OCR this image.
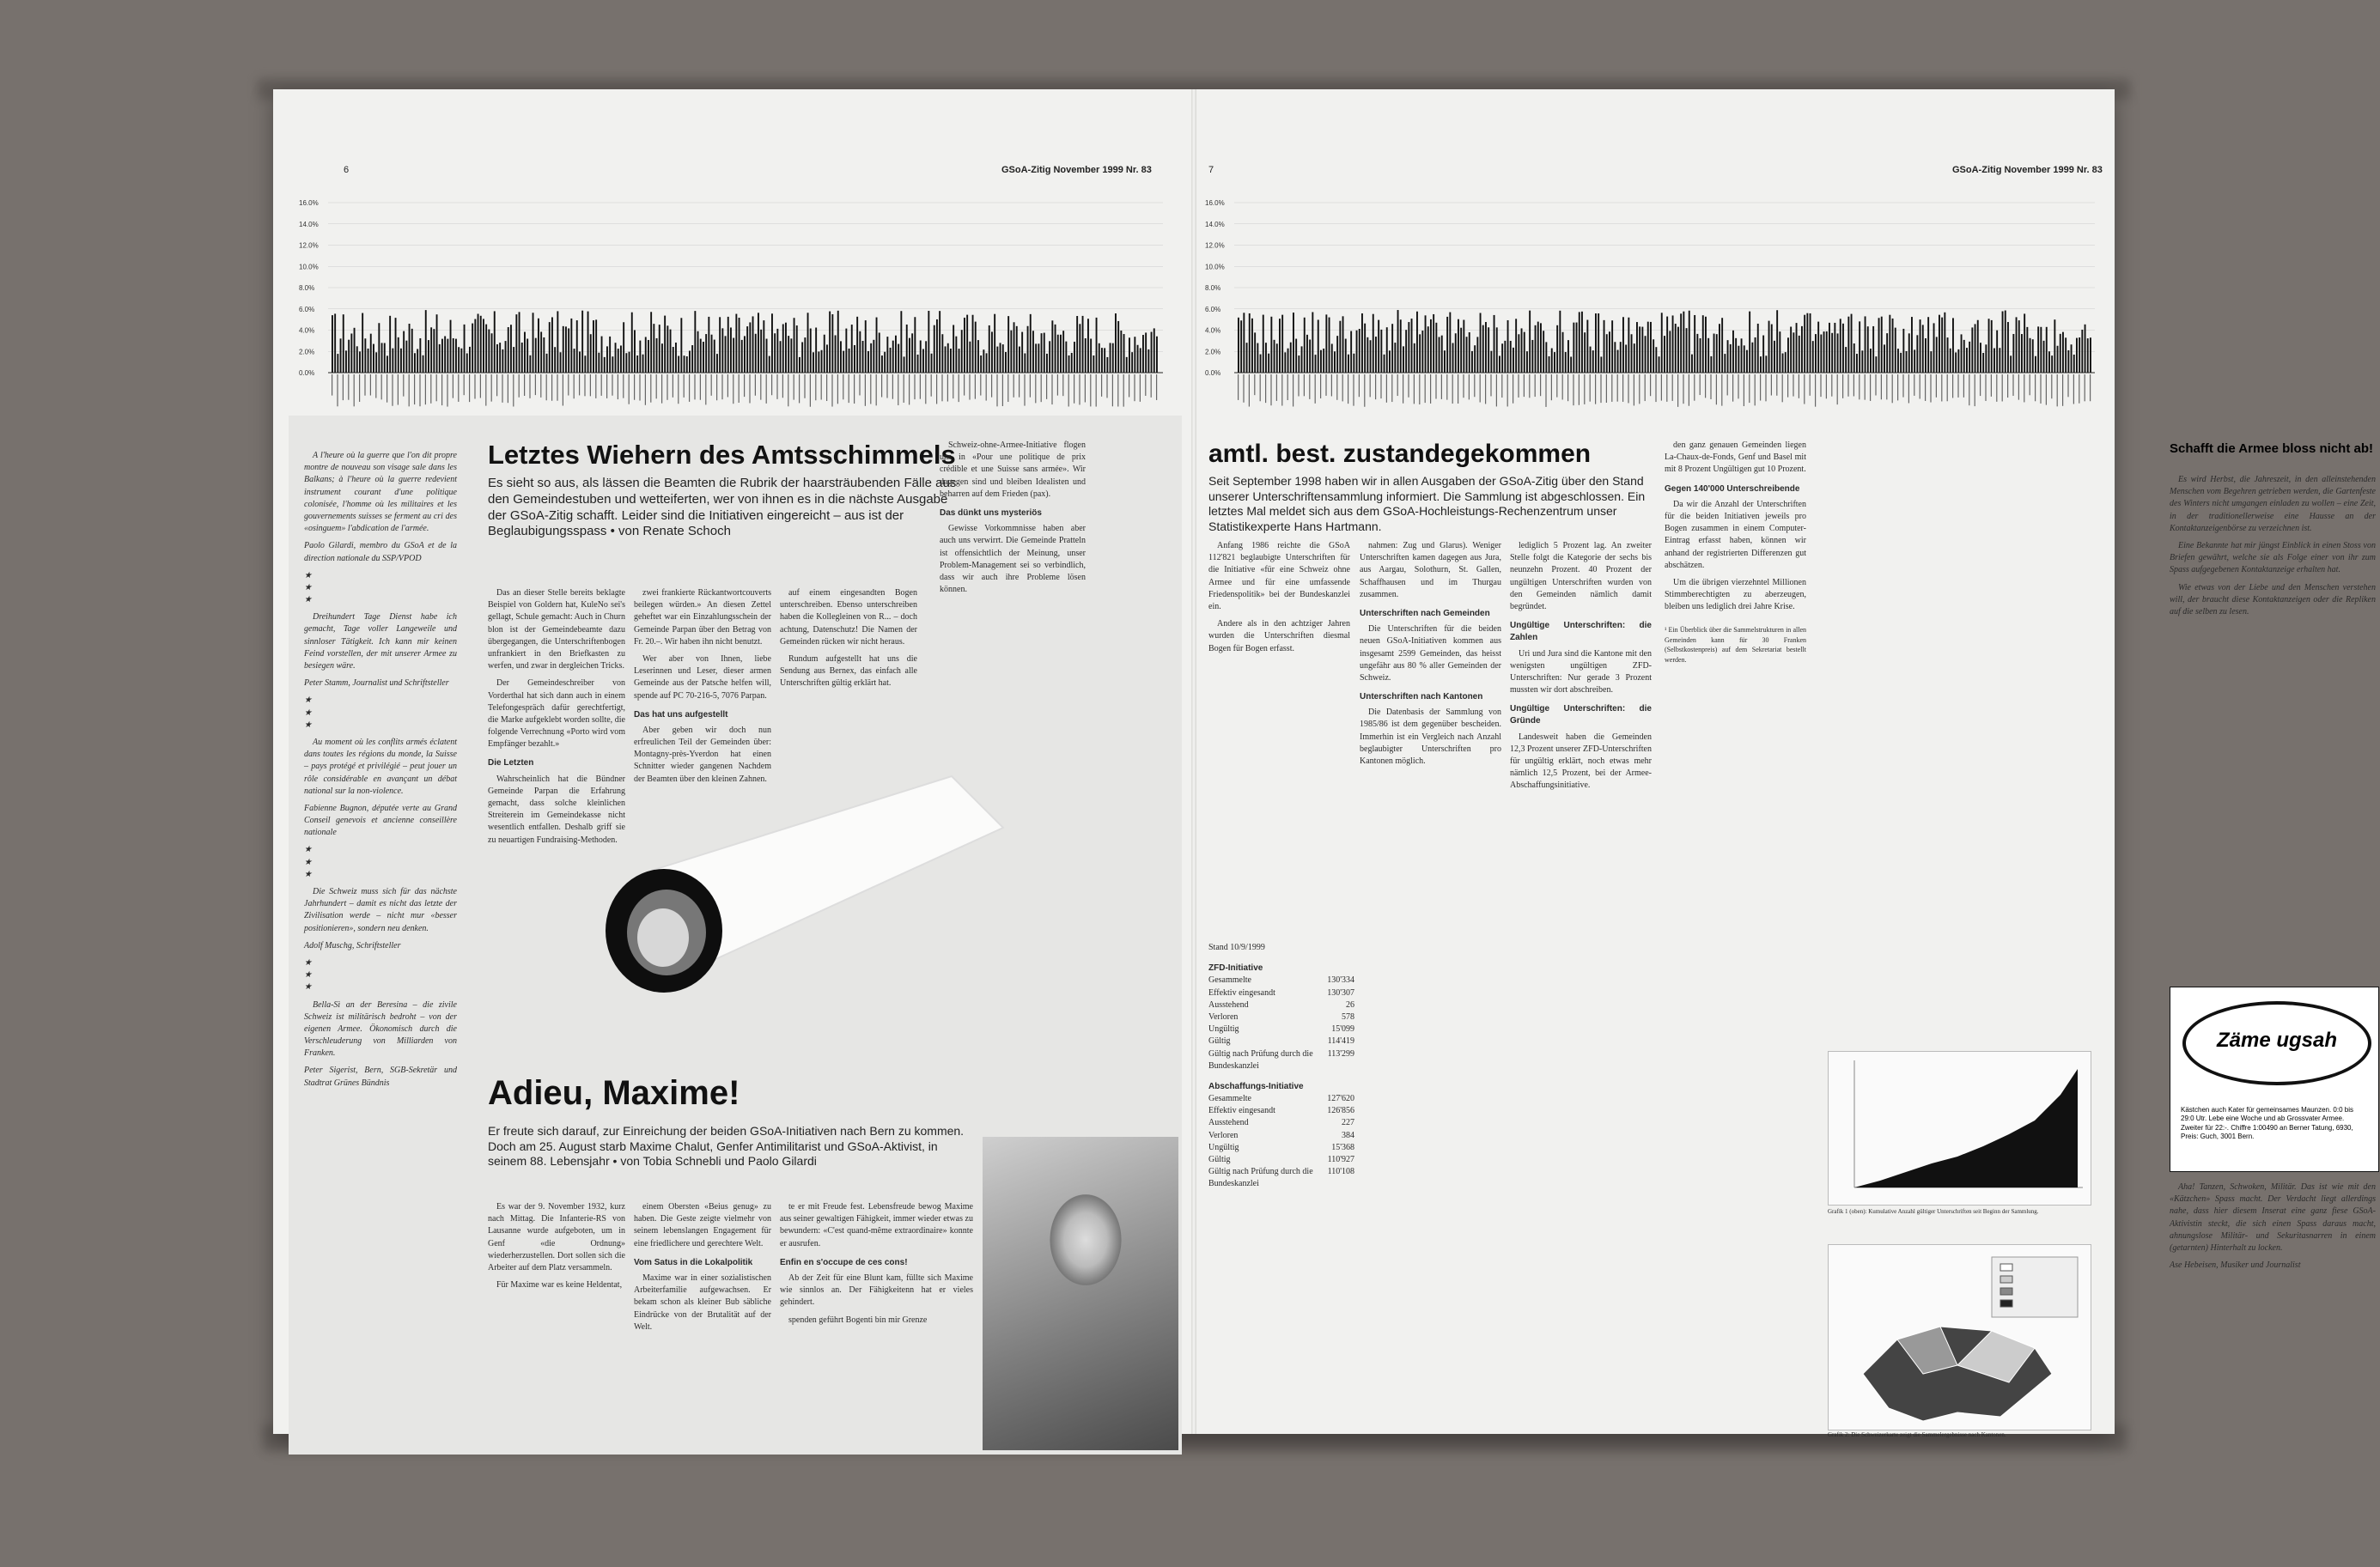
6	GSoA-Zitig November 1999 Nr. 83
16.0%
14.0%
12.0%
10.0%
8.0%
6.0%
4.0%
2.0%
0.0%

A l'heure où la guerre que l'on dit propre montre de nouveau son visage sale dans les Balkans; à l'heure où la guerre redevient instrument courant d'une politique colonisée, l'homme où les militaires et les gouvernements suisses se ferment au cri des «osinguem» l'abdication de l'armée.

Paolo Gilardi, membro du GSoA et de la direction nationale du SSP/VPOD

★
★
★

Dreihundert Tage Dienst habe ich gemacht, Tage voller Langeweile und sinnloser Tätigkeit. Ich kann mir keinen Feind vorstellen, der mit unserer Armee zu besiegen wäre.

Peter Stamm, Journalist und Schriftsteller

★
★
★

Au moment où les conflits armés éclatent dans toutes les régions du monde, la Suisse – pays protégé et privilégié – peut jouer un rôle considérable en avançant un débat national sur la non-violence.

Fabienne Bugnon, députée verte au Grand Conseil genevois et ancienne conseillère nationale

★
★
★

Die Schweiz muss sich für das nächste Jahrhundert – damit es nicht das letzte der Zivilisation werde – nicht mur «besser positionieren», sondern neu denken.

Adolf Muschg, Schriftsteller

★
★
★

Bella-Sì an der Beresina – die zivile Schweiz ist militärisch bedroht – von der eigenen Armee. Ökonomisch durch die Verschleuderung von Milliarden von Franken.

Peter Sigerist, Bern, SGB-Sekretär und Stadtrat Grünes Bündnis

Letztes Wiehern des Amtsschimmels

Es sieht so aus, als lässen die Beamten die Rubrik der haarsträubenden Fälle aus den Gemeindestuben und wetteiferten, wer von ihnen es in die nächste Ausgabe der GSoA-Zitig schafft. Leider sind die Initiativen eingereicht – aus ist der Beglaubigungsspass • von Renate Schoch

Das an dieser Stelle bereits beklagte Beispiel von Goldern hat, KuleNo sei's gellagt, Schule gemacht: Auch in Churn blon ist der Gemeindebeamte dazu übergegangen, die Unterschriftenbogen unfrankiert in den Briefkasten zu werfen, und zwar in dergleichen Tricks.

Der Gemeindeschreiber von Vorderthal hat sich dann auch in einem Telefongespräch dafür gerechtfertigt, die Marke aufgeklebt worden sollte, die folgende Verrechnung «Porto wird vom Empfänger bezahlt.»

Die Letzten

Wahrscheinlich hat die Bündner Gemeinde Parpan die Erfahrung gemacht, dass solche kleinlichen Streiterein im Gemeindekasse nicht wesentlich entfallen. Deshalb griff sie zu neuartigen Fundraising-Methoden.

zwei frankierte Rückantwortcouverts beilegen würden.» An diesen Zettel geheftet war ein Einzahlungsschein der Gemeinde Parpan über den Betrag von Fr. 20.–. Wir haben ihn nicht benutzt.

Wer aber von Ihnen, liebe Leserinnen und Leser, dieser armen Gemeinde aus der Patsche helfen will, spende auf PC 70-216-5, 7076 Parpan.

Das hat uns aufgestellt

Aber geben wir doch nun erfreulichen Teil der Gemeinden über: Montagny-près-Yverdon hat einen Schnitter wieder gangenen Nachdem der Beamten über den kleinen Zahnen.

auf einem eingesandten Bogen unterschreiben. Ebenso unterschreiben haben die Kollegleinen von R... – doch achtung, Datenschutz! Die Namen der Gemeinden rücken wir nicht heraus.

Rundum aufgestellt hat uns die Sendung aus Bernex, das einfach alle Unterschriften gültig erklärt hat.

Schweiz-ohne-Armee-Initiative flogen uns in «Pour une politique de prix crédible et une Suisse sans armée». Wir dagegen sind und bleiben Idealisten und beharren auf dem Frieden (pax).

Das dünkt uns mysteriös

Gewisse Vorkommnisse haben aber auch uns verwirrt. Die Gemeinde Pratteln ist offensichtlich der Meinung, unser Problem-Management sei so verbindlich, dass wir auch ihre Probleme lösen können.

Adieu, Maxime!

Er freute sich darauf, zur Einreichung der beiden GSoA-Initiativen nach Bern zu kommen. Doch am 25. August starb Maxime Chalut, Genfer Antimilitarist und GSoA-Aktivist, in seinem 88. Lebensjahr • von Tobia Schnebli und Paolo Gilardi

Es war der 9. November 1932, kurz nach Mittag. Die Infanterie-RS von Lausanne wurde aufgeboten, um in Genf «die Ordnung» wiederherzustellen. Dort sollen sich die Arbeiter auf dem Platz versammeln.

Für Maxime war es keine Heldentat,

einem Obersten «Beius genug» zu haben. Die Geste zeigte vielmehr von seinem lebenslangen Engagement für eine friedlichere und gerechtere Welt.

Vom Satus in die Lokalpolitik

Maxime war in einer sozialistischen Arbeiterfamilie aufgewachsen. Er bekam schon als kleiner Bub säbliche Eindrücke von der Brutalität auf der Welt.

te er mit Freude fest. Lebensfreude bewog Maxime aus seiner gewaltigen Fähigkeit, immer wieder etwas zu bewundern: «C'est quand-même extraordinaire» konnte er ausrufen.

Enfin en s'occupe de ces cons!

Ab der Zeit für eine Blunt kam, füllte sich Maxime wie sinnlos an. Der Fähigkeitenn hat er vieles gehindert.

spenden geführt Bogenti bin mir Grenze

7	GSoA-Zitig November 1999 Nr. 83
16.0%
14.0%
12.0%
10.0%
8.0%
6.0%
4.0%
2.0%
0.0%
amtl. best. zustandegekommen

Seit September 1998 haben wir in allen Ausgaben der GSoA-Zitig über den Stand unserer Unterschriftensammlung informiert. Die Sammlung ist abgeschlossen. Ein letztes Mal meldet sich aus dem GSoA-Hochleistungs-Rechenzentrum unser Statistikexperte Hans Hartmann.

Anfang 1986 reichte die GSoA 112'821 beglaubigte Unterschriften für die Initiative «für eine Schweiz ohne Armee und für eine umfassende Friedenspolitik» bei der Bundeskanzlei ein.

Andere als in den achtziger Jahren wurden die Unterschriften diesmal Bogen für Bogen erfasst.

nahmen: Zug und Glarus). Weniger Unterschriften kamen dagegen aus Jura, aus Aargau, Solothurn, St. Gallen, Schaffhausen und im Thurgau zusammen.

Unterschriften nach Gemeinden

Die Unterschriften für die beiden neuen GSoA-Initiativen kommen aus insgesamt 2599 Gemeinden, das heisst ungefähr aus 80 % aller Gemeinden der Schweiz.

Unterschriften nach Kantonen

Die Datenbasis der Sammlung von 1985/86 ist dem gegenüber bescheiden. Immerhin ist ein Vergleich nach Anzahl beglaubigter Unterschriften pro Kantonen möglich.

lediglich 5 Prozent lag. An zweiter Stelle folgt die Kategorie der sechs bis neunzehn Prozent. 40 Prozent der ungültigen Unterschriften wurden von den Gemeinden nämlich damit begründet.

Ungültige Unterschriften: die Zahlen

Uri und Jura sind die Kantone mit den wenigsten ungültigen ZFD-Unterschriften: Nur gerade 3 Prozent mussten wir dort abschreiben.

Ungültige Unterschriften: die Gründe

Landesweit haben die Gemeinden 12,3 Prozent unserer ZFD-Unterschriften für ungültig erklärt, noch etwas mehr nämlich 12,5 Prozent, bei der Armee-Abschaffungsinitiative.

den ganz genauen Gemeinden liegen La-Chaux-de-Fonds, Genf und Basel mit mit 8 Prozent Ungültigen gut 10 Prozent.

Gegen 140'000 Unterschreibende

Da wir die Anzahl der Unterschriften für die beiden Initiativen jeweils pro Bogen zusammen in einem Computer-Eintrag erfasst haben, können wir anhand der registrierten Differenzen gut abschätzen.

Um die übrigen vierzehntel Millionen Stimmberechtigten zu aberzeugen, bleiben uns lediglich drei Jahre Krise.

¹ Ein Überblick über die Sammelstrukturen in allen Gemeinden kann für 30 Franken (Selbstkostenpreis) auf dem Sekretariat bestellt werden.

Grafik 1 (oben): Kumulative Anzahl gültiger Unterschriften seit Beginn der Sammlung.

Grafik 2: Die Schweizerkarte zeigt die Sammelergebnisse nach Kantonen.

Stand 10/9/1999
ZFD-Initiative
Gesammelte	130'334
Effektiv eingesandt	130'307
Ausstehend	26
Verloren	578
Ungültig	15'099
Gültig	114'419
Gültig nach Prüfung durch die Bundeskanzlei
113'299
Abschaffungs-Initiative
Gesammelte	127'620
Effektiv eingesandt	126'856
Ausstehend	227
Verloren	384
Ungültig	15'368
Gültig	110'927
Gültig nach Prüfung durch die Bundeskanzlei
110'108
Schafft die Armee bloss nicht ab!

Es wird Herbst, die Jahreszeit, in den alleinstehenden Menschen vom Begehren getrieben werden, die Gartenfeste des Winters nicht umgangen einladen zu wollen – eine Zeit, in der traditionellerweise eine Hausse an der Kontaktanzeigenbörse zu verzeichnen ist.

Eine Bekannte hat mir jüngst Einblick in einen Stoss von Briefen gewährt, welche sie als Folge einer von ihr zum Spass aufgegebenen Kontaktanzeige erhalten hat.

Wie etwas von der Liebe und den Menschen verstehen will, der braucht diese Kontaktanzeigen oder die Repliken auf die selben zu lesen.

Zäme ugsah
Kästchen auch Kater für gemeinsames Maunzen. 0:0 bis 29:0 Utr. Lebe eine Woche und ab Grossvater Armee. Zweiter für 22:-. Chiffre 1:00490 an Berner Tatung, 6930, Preis: Guch, 3001 Bern.

Aha! Tanzen, Schwoken, Militär. Das ist wie mit den «Kätzchen» Spass macht. Der Verdacht liegt allerdings nahe, dass hier diesem Inserat eine ganz fiese GSoA-Aktivistin steckt, die sich einen Spass daraus macht, ahnungslose Militär- und Sekuritasnarren in einem (getarnten) Hinterhalt zu locken.

Ase Hebeisen, Musiker und Journalist
